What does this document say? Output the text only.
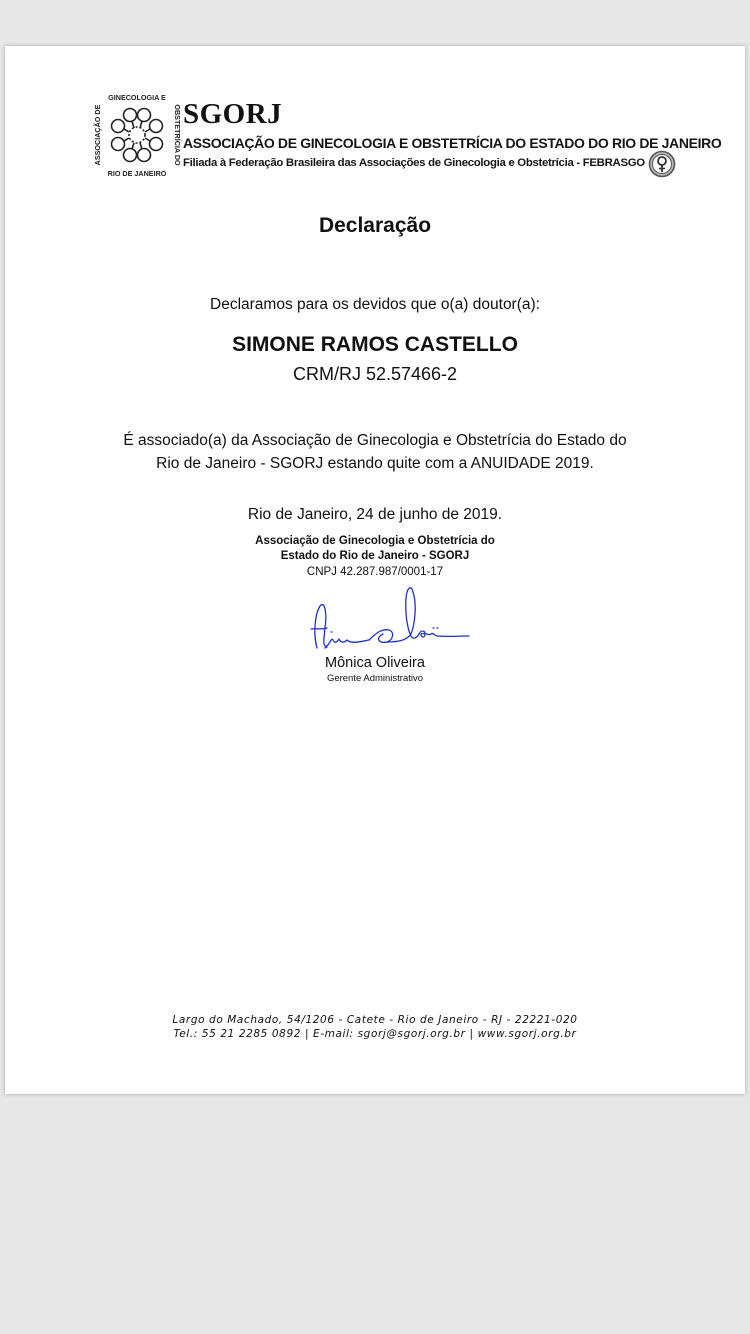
GINECOLOGIA E
RIO DE JANEIRO
ASSOCIAÇÃO DE	OBSTETRÍCIA DO SGORJ
ASSOCIAÇÃO DE GINECOLOGIA E OBSTETRÍCIA DO ESTADO DO RIO DE JANEIRO
Filiada à Federação Brasileira das Associações de Ginecologia e Obstetrícia - FEBRASGO
Declaração
Declaramos para os devidos que o(a) doutor(a):
SIMONE RAMOS CASTELLO
CRM/RJ 52.57466-2
É associado(a) da Associação de Ginecologia e Obstetrícia do Estado do
Rio de Janeiro - SGORJ estando quite com a ANUIDADE 2019.
Rio de Janeiro, 24 de junho de 2019.
Associação de Ginecologia e Obstetrícia do
Estado do Rio de Janeiro - SGORJ
CNPJ 42.287.987/0001-17
Mônica Oliveira
Gerente Administrativo
Largo do Machado, 54/1206 - Catete - Rio de Janeiro - RJ - 22221-020
Tel.: 55 21 2285 0892 | E-mail: sgorj@sgorj.org.br | www.sgorj.org.br
